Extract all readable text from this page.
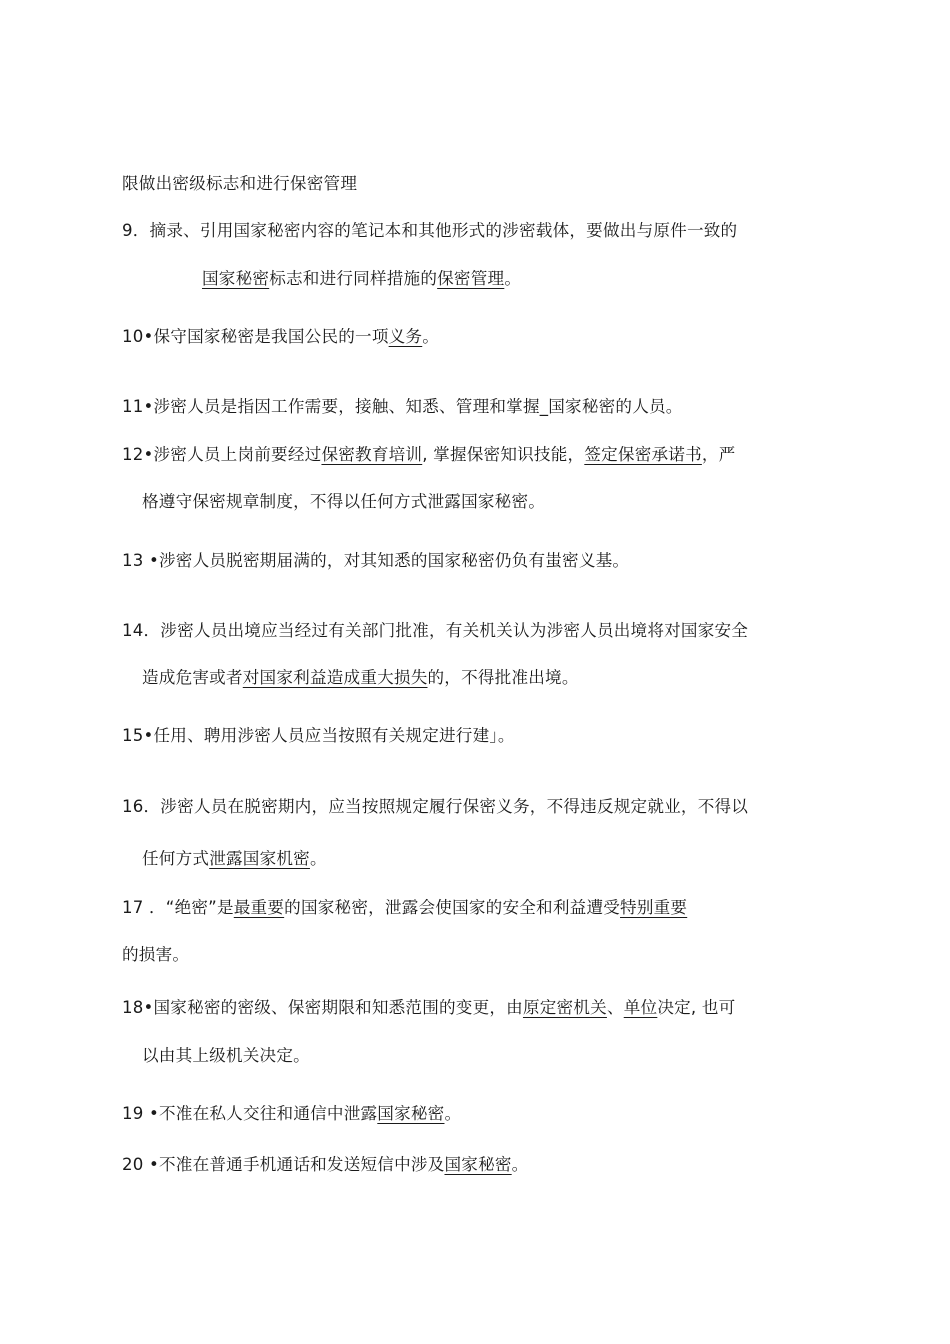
限做出密级标志和进行保密管理
9．摘录、引用国家秘密内容的笔记本和其他形式的涉密载体，要做出与原件一致的
国家秘密标志和进行同样措施的保密管理。
10•保守国家秘密是我国公民的一项义务。
11•涉密人员是指因工作需要，接触、知悉、管理和掌握_国家秘密的人员。
12•涉密人员上岗前要经过保密教育培训, 掌握保密知识技能，签定保密承诺书，严
格遵守保密规章制度，不得以任何方式泄露国家秘密。
13 •涉密人员脱密期届满的，对其知悉的国家秘密仍负有蚩密义基。
14．涉密人员出境应当经过有关部门批准，有关机关认为涉密人员出境将对国家安全
造成危害或者对国家利益造成重大损失的，不得批准出境。
15•任用、聘用涉密人员应当按照有关规定进行建」。
16．涉密人员在脱密期内，应当按照规定履行保密义务，不得违反规定就业，不得以
任何方式泄露国家机密。
17 ．“绝密”是最重要的国家秘密，泄露会使国家的安全和利益遭受特别重要
的损害。
18•国家秘密的密级、保密期限和知悉范围的变更，由原定密机关、单位决定, 也可
以由其上级机关决定。
19 •不准在私人交往和通信中泄露国家秘密。
20 •不准在普通手机通话和发送短信中涉及国家秘密。
